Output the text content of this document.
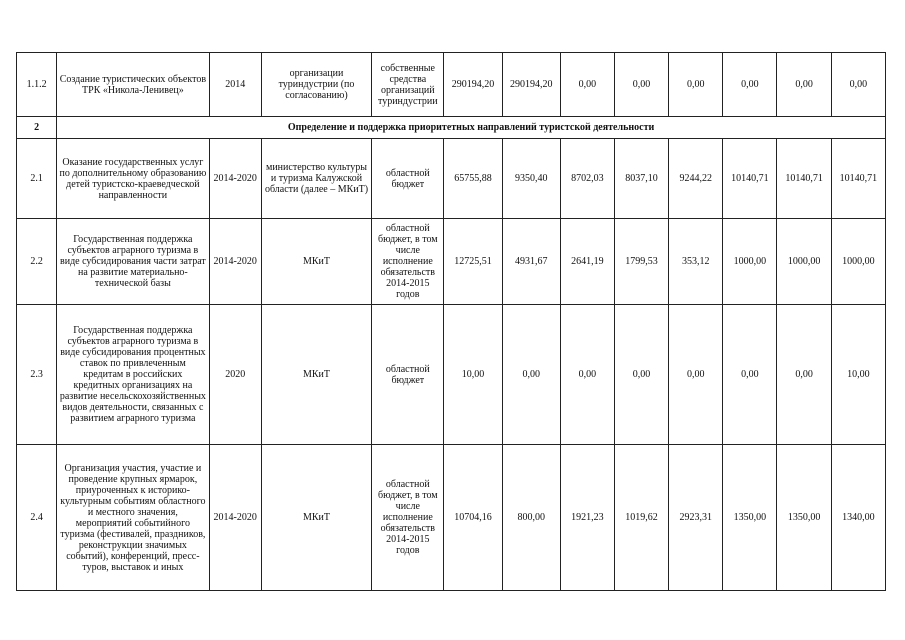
1.1.2	Создание туристических объектов ТРК «Никола-Ленивец»	2014	организации туриндустрии (по согласованию)	собственные средства организаций туриндустрии	290194,20	290194,20	0,00	0,00	0,00	0,00	0,00	0,00
2	Определение и поддержка приоритетных направлений туристской деятельности											
2.1	Оказание государственных услуг по дополнительному образованию детей туристско-краеведческой направленности	2014-2020	министерство культуры и туризма Калужской области (далее – МКиТ)	областной бюджет	65755,88	9350,40	8702,03	8037,10	9244,22	10140,71	10140,71	10140,71
2.2	Государственная поддержка субъектов аграрного туризма в виде субсидирования части затрат на развитие материально-технической базы	2014-2020	МКиТ	областной бюджет, в том числе исполнение обязательств 2014-2015 годов	12725,51	4931,67	2641,19	1799,53	353,12	1000,00	1000,00	1000,00
2.3	Государственная поддержка субъектов аграрного туризма в виде субсидирования процентных ставок по привлеченным кредитам в российских кредитных организациях на развитие несельскохозяйственных видов деятельности, связанных с развитием аграрного туризма	2020	МКиТ	областной бюджет	10,00	0,00	0,00	0,00	0,00	0,00	0,00	10,00
2.4	Организация участия, участие и проведение крупных ярмарок, приуроченных к историко-культурным событиям областного и местного значения, мероприятий событийного туризма (фестивалей, праздников, реконструкции значимых событий), конференций, пресс-туров, выставок и иных	2014-2020	МКиТ	областной бюджет, в том числе исполнение обязательств 2014-2015 годов	10704,16	800,00	1921,23	1019,62	2923,31	1350,00	1350,00	1340,00
